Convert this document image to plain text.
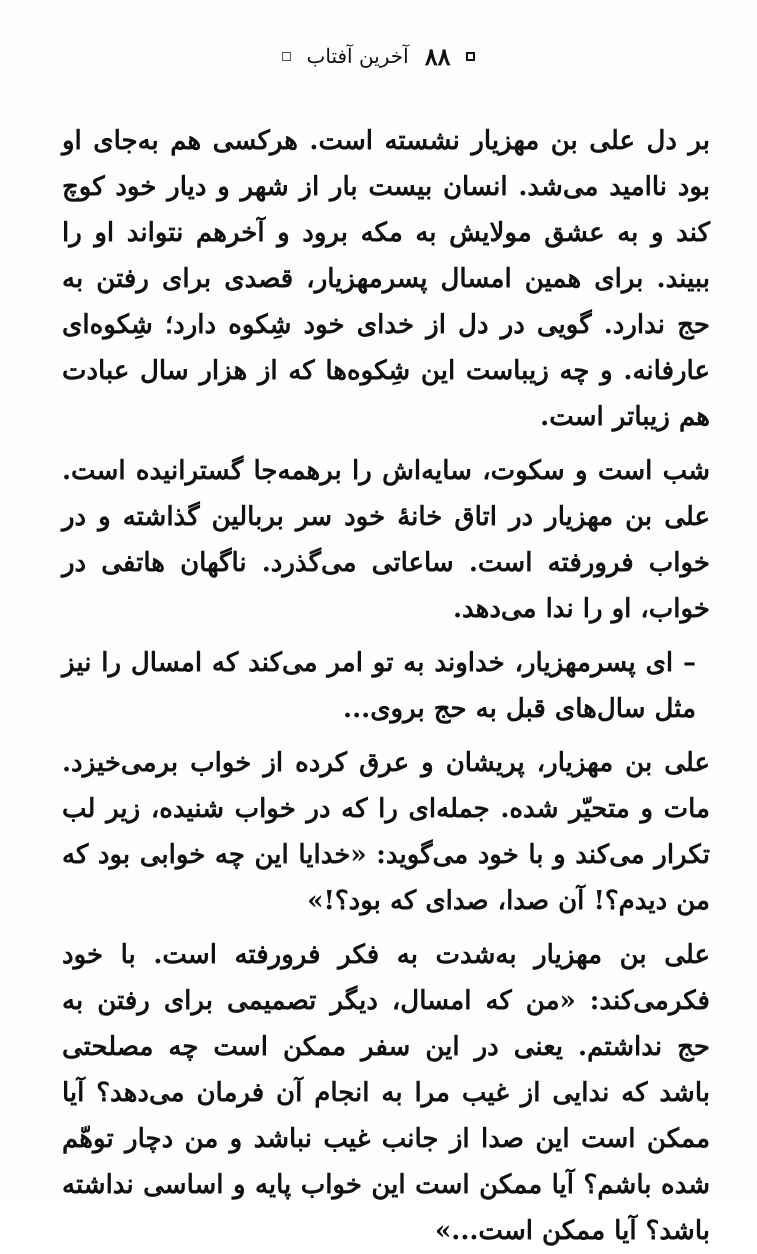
۸۸
آخرین آفتاب

بر دل علی بن مهزیار نشسته است. هرکسی هم به‌جای او بود ناامید می‌شد. انسان بیست بار از شهر و دیار خود کوچ کند و به عشق مولایش به مکه برود و آخرهم نتواند او را ببیند. برای همین امسال پسرمهزیار، قصدی برای رفتن به حج ندارد. گویی در دل از خدای خود شِکوه دارد؛ شِکوه‌ای عارفانه. و چه زیباست این شِکوه‌ها که از هزار سال عبادت هم زیباتر است.

شب است و سکوت، سایه‌اش را برهمه‌جا گسترانیده است. علی بن مهزیار در اتاق خانهٔ خود سر بربالین گذاشته و در خواب فرورفته است. ساعاتی می‌گذرد. ناگهان هاتفی در خواب، او را ندا می‌دهد.

– ای پسرمهزیار، خداوند به تو امر می‌کند که امسال را نیز مثل سال‌های قبل به حج بروی...

علی بن مهزیار، پریشان و عرق کرده از خواب برمی‌خیزد. مات و متحیّر شده. جمله‌ای را که در خواب شنیده، زیر لب تکرار می‌کند و با خود می‌گوید: «خدایا این چه خوابی بود که من دیدم؟! آن صدا، صدای که بود؟!»

علی بن مهزیار به‌شدت به فکر فرورفته است. با خود فکرمی‌کند: «من که امسال، دیگر تصمیمی برای رفتن به حج نداشتم. یعنی در این سفر ممکن است چه مصلحتی باشد که ندایی از غیب مرا به انجام آن فرمان می‌دهد؟ آیا ممکن است این صدا از جانب غیب نباشد و من دچار توهّم شده باشم؟ آیا ممکن است این خواب پایه و اساسی نداشته باشد؟ آیا ممکن است...»
